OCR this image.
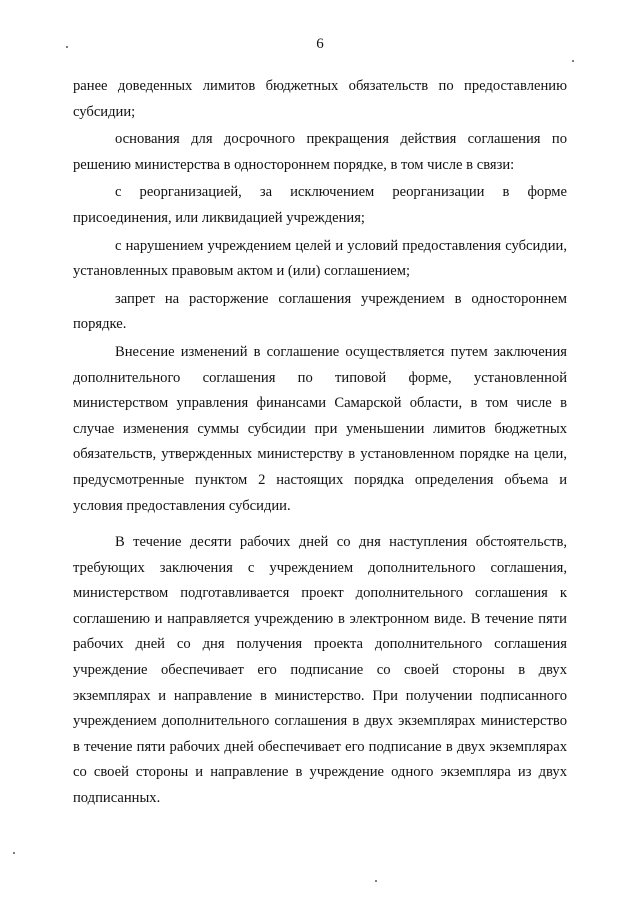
6

ранее доведенных лимитов бюджетных обязательств по предоставлению субсидии;

основания для досрочного прекращения действия соглашения по решению министерства в одностороннем порядке, в том числе в связи:

с реорганизацией, за исключением реорганизации в форме присоединения, или ликвидацией учреждения;

с нарушением учреждением целей и условий предоставления субсидии, установленных правовым актом и (или) соглашением;

запрет на расторжение соглашения учреждением в одностороннем порядке.

Внесение изменений в соглашение осуществляется путем заключения дополнительного соглашения по типовой форме, установленной министерством управления финансами Самарской области, в том числе в случае изменения суммы субсидии при уменьшении лимитов бюджетных обязательств, утвержденных министерству в установленном порядке на цели, предусмотренные пунктом 2 настоящих порядка определения объема и условия предоставления субсидии.

В течение десяти рабочих дней со дня наступления обстоятельств, требующих заключения с учреждением дополнительного соглашения, министерством подготавливается проект дополнительного соглашения к соглашению и направляется учреждению в электронном виде. В течение пяти рабочих дней со дня получения проекта дополнительного соглашения учреждение обеспечивает его подписание со своей стороны в двух экземплярах и направление в министерство. При получении подписанного учреждением дополнительного соглашения в двух экземплярах министерство в течение пяти рабочих дней обеспечивает его подписание в двух экземплярах со своей стороны и направление в учреждение одного экземпляра из двух подписанных.
